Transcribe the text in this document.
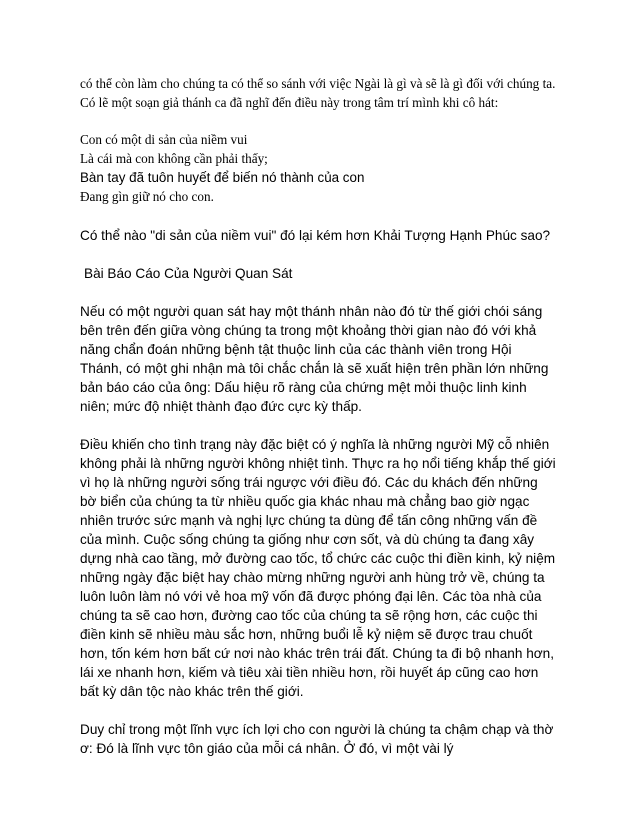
có thể còn làm cho chúng ta có thể so sánh với việc Ngài là gì và sẽ là gì đối với chúng ta. Có lẽ một soạn giả thánh ca đã nghĩ đến điều này trong tâm trí mình khi cô hát:

Con có một di sản của niềm vui
Là cái mà con không cần phải thấy;
Bàn tay đã tuôn huyết để biến nó thành của con
Đang gìn giữ nó cho con.

Có thể nào "di sản của niềm vui" đó lại kém hơn Khải Tượng Hạnh Phúc sao?

Bài Báo Cáo Của Người Quan Sát

Nếu có một người quan sát hay một thánh nhân nào đó từ thế giới chói sáng bên trên đến giữa vòng chúng ta trong một khoảng thời gian nào đó với khả năng chẩn đoán những bệnh tật thuộc linh của các thành viên trong Hội Thánh, có một ghi nhận mà tôi chắc chắn là sẽ xuất hiện trên phần lớn những bản báo cáo của ông: Dấu hiệu rõ ràng của chứng mệt mỏi thuộc linh kinh niên; mức độ nhiệt thành đạo đức cực kỳ thấp.

Điều khiến cho tình trạng này đặc biệt có ý nghĩa là những người Mỹ cỗ nhiên không phải là những người không nhiệt tình. Thực ra họ nổi tiếng khắp thế giới vì họ là những người sống trái ngược với điều đó. Các du khách đến những bờ biển của chúng ta từ nhiều quốc gia khác nhau mà chẳng bao giờ ngạc nhiên trước sức mạnh và nghị lực chúng ta dùng để tấn công những vấn đề của mình. Cuộc sống chúng ta giống như cơn sốt, và dù chúng ta đang xây dựng nhà cao tầng, mở đường cao tốc, tổ chức các cuộc thi điền kinh, kỷ niệm những ngày đặc biệt hay chào mừng những người anh hùng trở về, chúng ta luôn luôn làm nó với vẻ hoa mỹ vốn đã được phóng đại lên. Các tòa nhà của chúng ta sẽ cao hơn, đường cao tốc của chúng ta sẽ rộng hơn, các cuộc thi điền kinh sẽ nhiều màu sắc hơn, những buổi lễ kỷ niệm sẽ được trau chuốt hơn, tốn kém hơn bất cứ nơi nào khác trên trái đất. Chúng ta đi bộ nhanh hơn, lái xe nhanh hơn, kiếm và tiêu xài tiền nhiều hơn, rồi huyết áp cũng cao hơn bất kỳ dân tộc nào khác trên thế giới.

Duy chỉ trong một lĩnh vực ích lợi cho con người là chúng ta chậm chạp và thờ ơ: Đó là lĩnh vực tôn giáo của mỗi cá nhân. Ở đó, vì một vài lý
